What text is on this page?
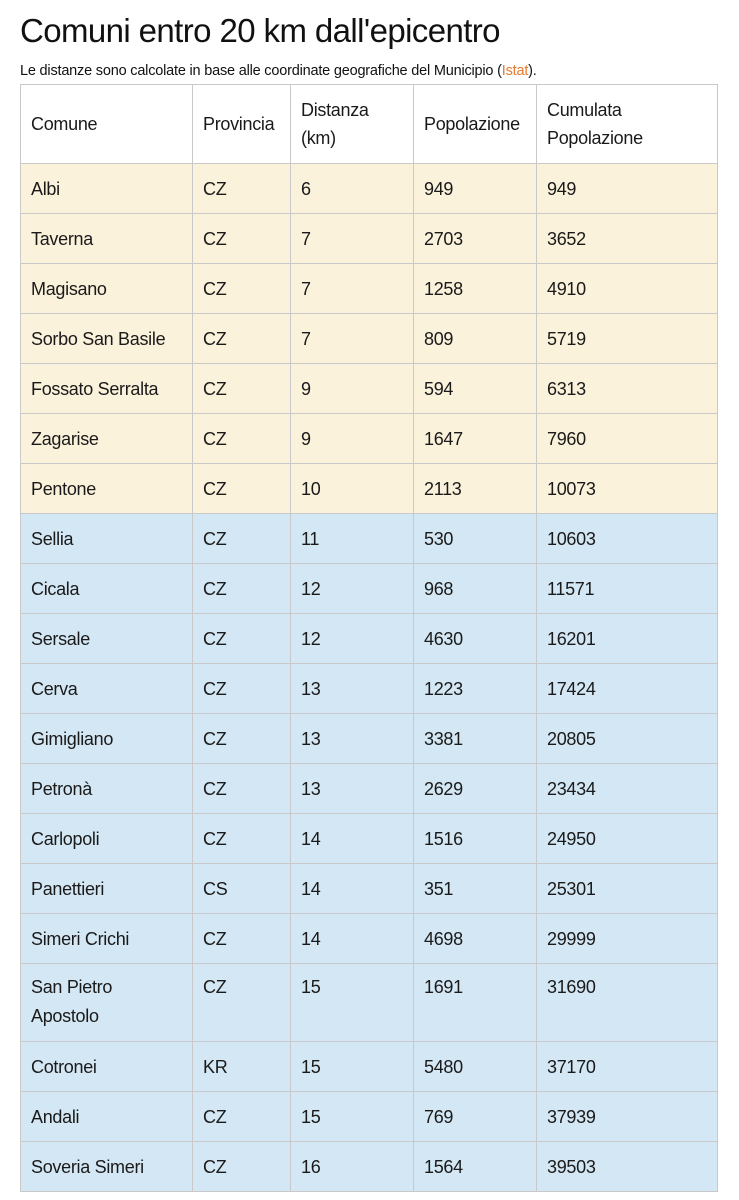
Comuni entro 20 km dall'epicentro

Le distanze sono calcolate in base alle coordinate geografiche del Municipio (Istat).

Comune	Provincia	Distanza (km)	Popolazione	Cumulata Popolazione
Albi	CZ	6	949	949
Taverna	CZ	7	2703	3652
Magisano	CZ	7	1258	4910
Sorbo San Basile	CZ	7	809	5719
Fossato Serralta	CZ	9	594	6313
Zagarise	CZ	9	1647	7960
Pentone	CZ	10	2113	10073
Sellia	CZ	11	530	10603
Cicala	CZ	12	968	11571
Sersale	CZ	12	4630	16201
Cerva	CZ	13	1223	17424
Gimigliano	CZ	13	3381	20805
Petronà	CZ	13	2629	23434
Carlopoli	CZ	14	1516	24950
Panettieri	CS	14	351	25301
Simeri Crichi	CZ	14	4698	29999
San Pietro Apostolo	CZ	15	1691	31690
Cotronei	KR	15	5480	37170
Andali	CZ	15	769	37939
Soveria Simeri	CZ	16	1564	39503
